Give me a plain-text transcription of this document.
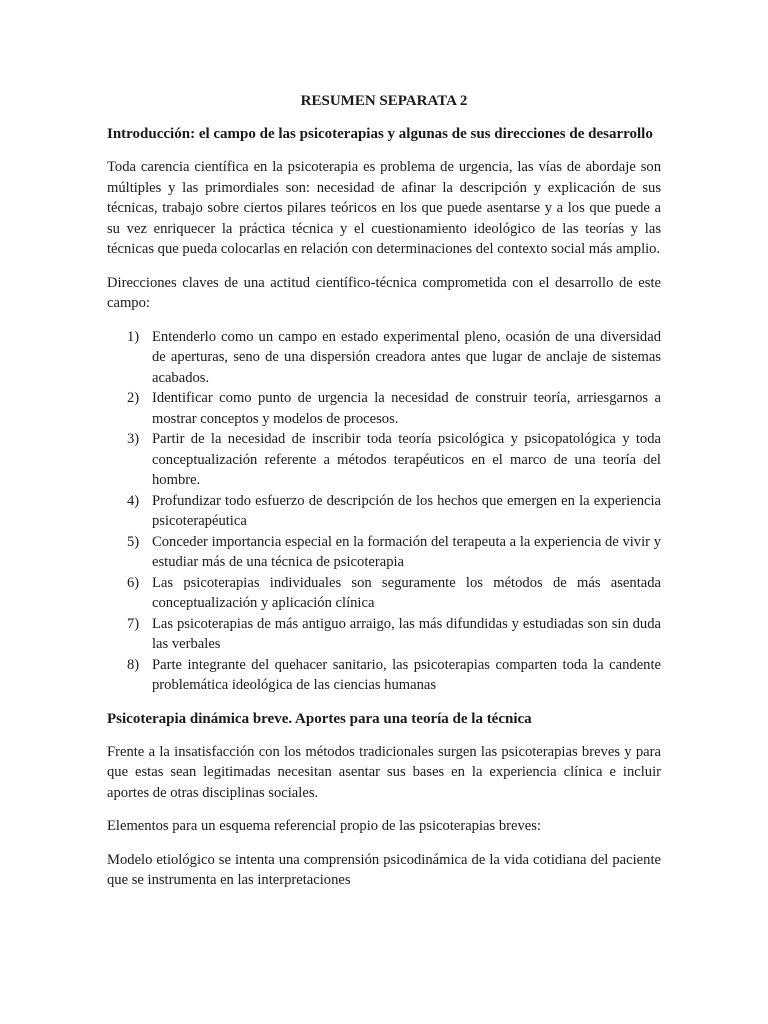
RESUMEN SEPARATA 2
Introducción: el campo de las psicoterapias y algunas de sus direcciones de desarrollo

Toda carencia científica en la psicoterapia es problema de urgencia, las vías de abordaje son múltiples y las primordiales son: necesidad de afinar la descripción y explicación de sus técnicas, trabajo sobre ciertos pilares teóricos en los que puede asentarse y a los que puede a su vez enriquecer la práctica técnica y el cuestionamiento ideológico de las teorías y las técnicas que pueda colocarlas en relación con determinaciones del contexto social más amplio.

Direcciones claves de una actitud científico-técnica comprometida con el desarrollo de este campo:

1) Entenderlo como un campo en estado experimental pleno, ocasión de una diversidad de aperturas, seno de una dispersión creadora antes que lugar de anclaje de sistemas acabados.
2) Identificar como punto de urgencia la necesidad de construir teoría, arriesgarnos a mostrar conceptos y modelos de procesos.
3) Partir de la necesidad de inscribir toda teoría psicológica y psicopatológica y toda conceptualización referente a métodos terapéuticos en el marco de una teoría del hombre.
4) Profundizar todo esfuerzo de descripción de los hechos que emergen en la experiencia psicoterapéutica
5) Conceder importancia especial en la formación del terapeuta a la experiencia de vivir y estudiar más de una técnica de psicoterapia
6) Las psicoterapias individuales son seguramente los métodos de más asentada conceptualización y aplicación clínica
7) Las psicoterapias de más antiguo arraigo, las más difundidas y estudiadas son sin duda las verbales
8) Parte integrante del quehacer sanitario, las psicoterapias comparten toda la candente problemática ideológica de las ciencias humanas
Psicoterapia dinámica breve. Aportes para una teoría de la técnica

Frente a la insatisfacción con los métodos tradicionales surgen las psicoterapias breves y para que estas sean legitimadas necesitan asentar sus bases en la experiencia clínica e incluir aportes de otras disciplinas sociales.

Elementos para un esquema referencial propio de las psicoterapias breves:

Modelo etiológico se intenta una comprensión psicodinámica de la vida cotidiana del paciente que se instrumenta en las interpretaciones
